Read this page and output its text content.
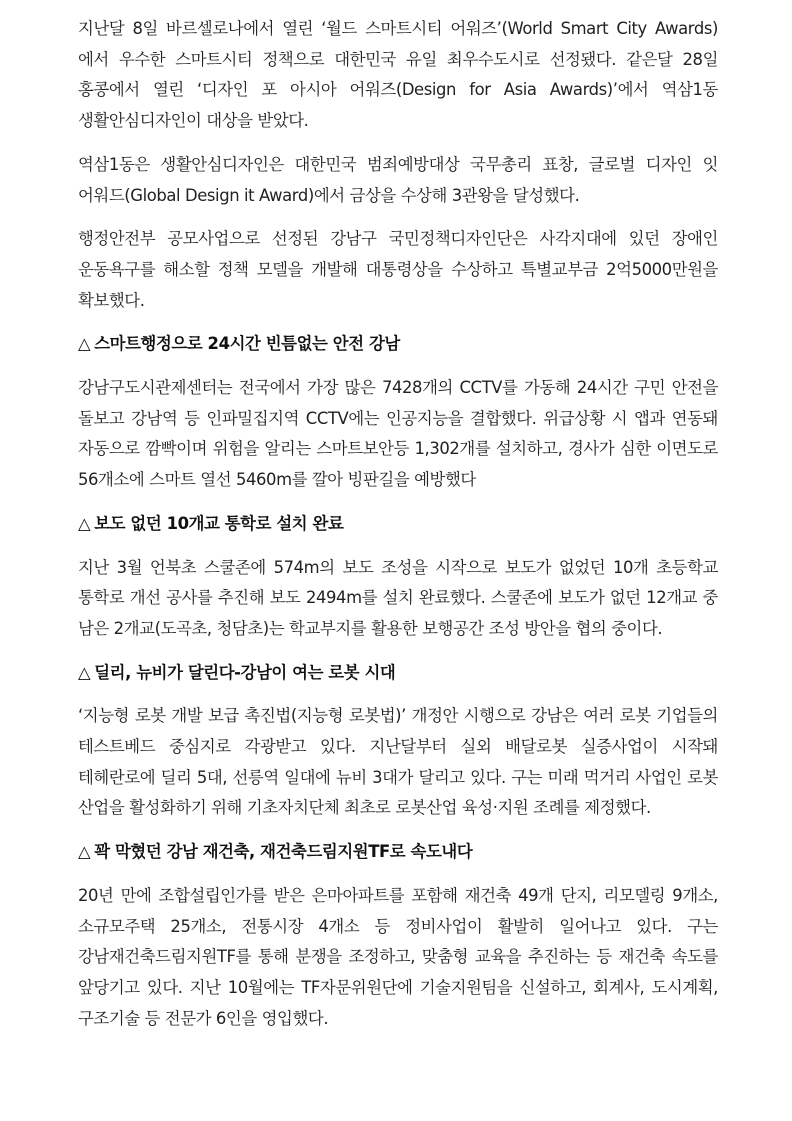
지난달 8일 바르셀로나에서 열린 ‘월드 스마트시티 어워즈’(World Smart City Awards)에서 우수한 스마트시티 정책으로 대한민국 유일 최우수도시로 선정됐다. 같은달 28일 홍콩에서 열린 ‘디자인 포 아시아 어워즈(Design for Asia Awards)’에서 역삼1동 생활안심디자인이 대상을 받았다.

역삼1동은 생활안심디자인은 대한민국 범죄예방대상 국무총리 표창, 글로벌 디자인 잇 어워드(Global Design it Award)에서 금상을 수상해 3관왕을 달성했다.

행정안전부 공모사업으로 선정된 강남구 국민정책디자인단은 사각지대에 있던 장애인 운동욕구를 해소할 정책 모델을 개발해 대통령상을 수상하고 특별교부금 2억5000만원을 확보했다.

△ 스마트행정으로 24시간 빈틈없는 안전 강남

강남구도시관제센터는 전국에서 가장 많은 7428개의 CCTV를 가동해 24시간 구민 안전을 돌보고 강남역 등 인파밀집지역 CCTV에는 인공지능을 결합했다. 위급상황 시 앱과 연동돼 자동으로 깜빡이며 위험을 알리는 스마트보안등 1,302개를 설치하고, 경사가 심한 이면도로 56개소에 스마트 열선 5460m를 깔아 빙판길을 예방했다

△ 보도 없던 10개교 통학로 설치 완료

지난 3월 언북초 스쿨존에 574m의 보도 조성을 시작으로 보도가 없었던 10개 초등학교 통학로 개선 공사를 추진해 보도 2494m를 설치 완료했다. 스쿨존에 보도가 없던 12개교 중 남은 2개교(도곡초, 청담초)는 학교부지를 활용한 보행공간 조성 방안을 협의 중이다.

△ 딜리, 뉴비가 달린다-강남이 여는 로봇 시대

‘지능형 로봇 개발 보급 촉진법(지능형 로봇법)’ 개정안 시행으로 강남은 여러 로봇 기업들의 테스트베드 중심지로 각광받고 있다. 지난달부터 실외 배달로봇 실증사업이 시작돼 테헤란로에 딜리 5대, 선릉역 일대에 뉴비 3대가 달리고 있다. 구는 미래 먹거리 사업인 로봇 산업을 활성화하기 위해 기초자치단체 최초로 로봇산업 육성·지원 조례를 제정했다.

△ 꽉 막혔던 강남 재건축, 재건축드림지원TF로 속도내다

20년 만에 조합설립인가를 받은 은마아파트를 포함해 재건축 49개 단지, 리모델링 9개소, 소규모주택 25개소, 전통시장 4개소 등 정비사업이 활발히 일어나고 있다. 구는 강남재건축드림지원TF를 통해 분쟁을 조정하고, 맞춤형 교육을 추진하는 등 재건축 속도를 앞당기고 있다. 지난 10월에는 TF자문위원단에 기술지원팀을 신설하고, 회계사, 도시계획, 구조기술 등 전문가 6인을 영입했다.
